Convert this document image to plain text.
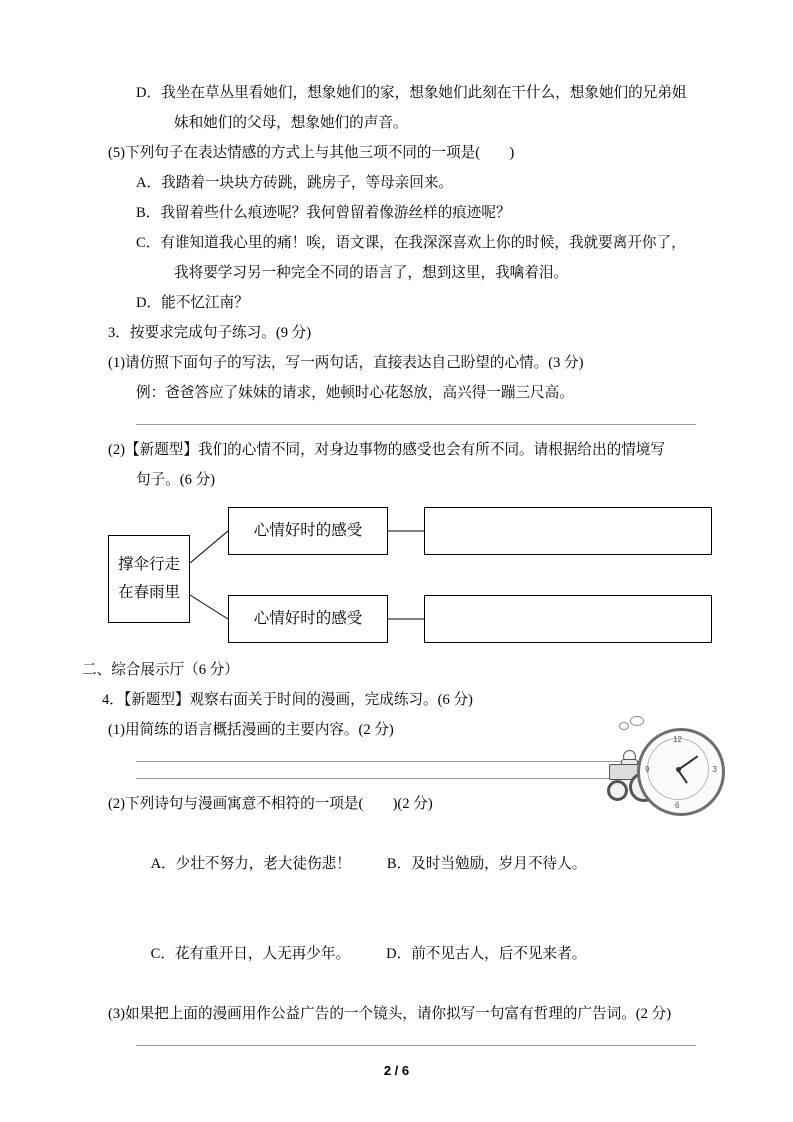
D．我坐在草丛里看她们，想象她们的家，想象她们此刻在干什么，想象她们的兄弟姐
妹和她们的父母，想象她们的声音。
(5)下列句子在表达情感的方式上与其他三项不同的一项是(　　)
A．我踏着一块块方砖跳，跳房子，等母亲回来。
B．我留着些什么痕迹呢？我何曾留着像游丝样的痕迹呢？
C．有谁知道我心里的痛！唉，语文课，在我深深喜欢上你的时候，我就要离开你了，
我将要学习另一种完全不同的语言了，想到这里，我噙着泪。
D．能不忆江南？
3．按要求完成句子练习。(9 分)
(1)请仿照下面句子的写法，写一两句话，直接表达自己盼望的心情。(3 分)
例：爸爸答应了妹妹的请求，她顿时心花怒放，高兴得一蹦三尺高。
(2)【新题型】我们的心情不同，对身边事物的感受也会有所不同。请根据给出的情境写
句子。(6 分)
撑伞行走
在春雨里
心情好时的感受
心情好时的感受
二、综合展示厅（6 分）
4．【新题型】观察右面关于时间的漫画，完成练习。(6 分)
(1)用简练的语言概括漫画的主要内容。(2 分)
(2)下列诗句与漫画寓意不相符的一项是(　　)(2 分)

A．少壮不努力，老大徒伤悲！ B．及时当勉励，岁月不待人。

C．花有重开日，人无再少年。 D．前不见古人，后不见来者。

(3)如果把上面的漫画用作公益广告的一个镜头，请你拟写一句富有哲理的广告词。(2 分)
12
3
6
9
2 / 6
